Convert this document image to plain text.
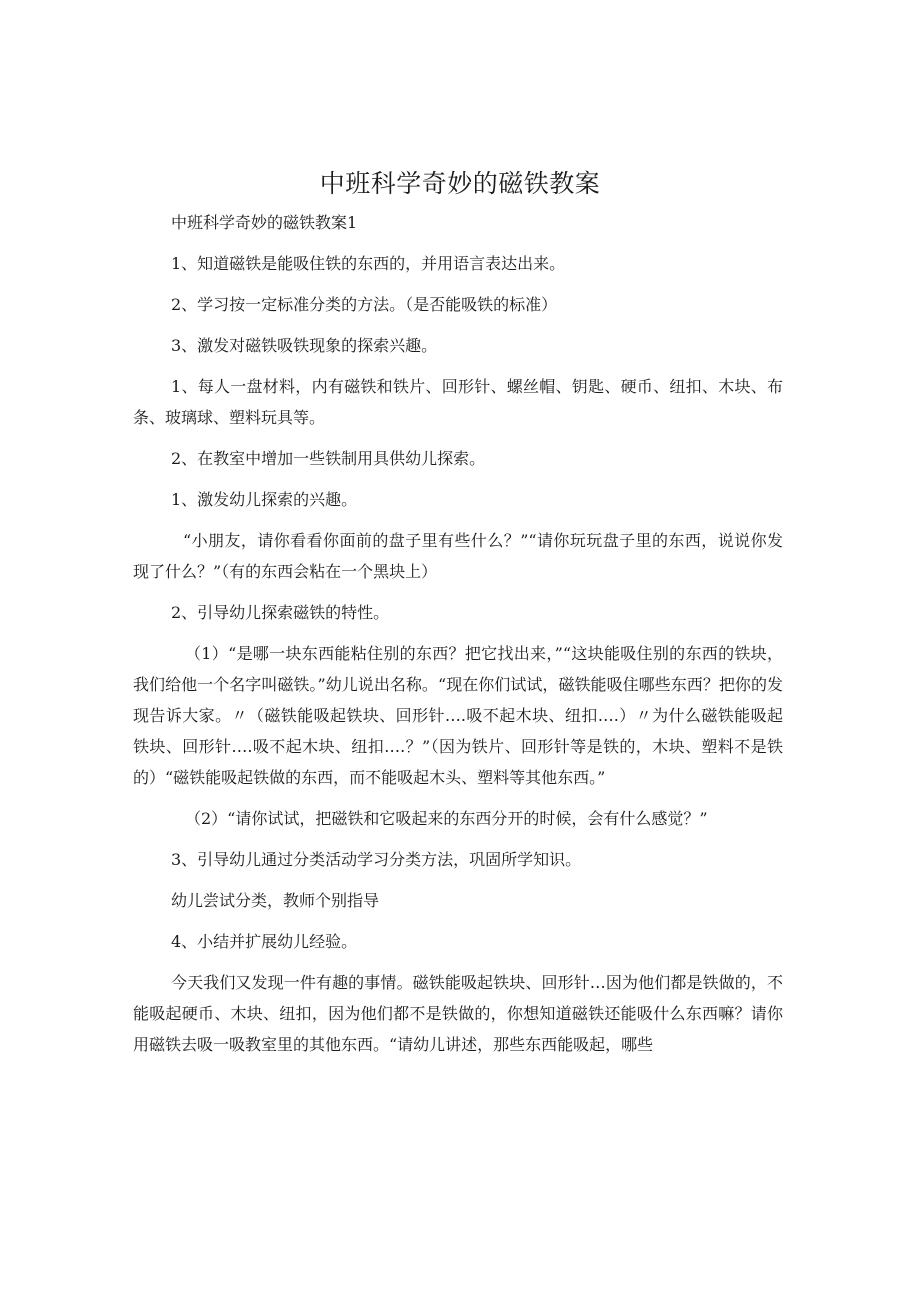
中班科学奇妙的磁铁教案

中班科学奇妙的磁铁教案1

1、知道磁铁是能吸住铁的东西的，并用语言表达出来。

2、学习按一定标准分类的方法。（是否能吸铁的标准）

3、激发对磁铁吸铁现象的探索兴趣。

1、每人一盘材料，内有磁铁和铁片、回形针、螺丝帽、钥匙、硬币、纽扣、木块、布条、玻璃球、塑料玩具等。

2、在教室中增加一些铁制用具供幼儿探索。

1、激发幼儿探索的兴趣。

“小朋友，请你看看你面前的盘子里有些什么？”“请你玩玩盘子里的东西，说说你发现了什么？”（有的东西会粘在一个黑块上）

2、引导幼儿探索磁铁的特性。

（1）“是哪一块东西能粘住别的东西？把它找出来，”“这块能吸住别的东西的铁块，我们给他一个名字叫磁铁。”幼儿说出名称。“现在你们试试，磁铁能吸住哪些东西？把你的发现告诉大家。〃（磁铁能吸起铁块、回形针….吸不起木块、纽扣….）〃为什么磁铁能吸起铁块、回形针….吸不起木块、纽扣….？”（因为铁片、回形针等是铁的，木块、塑料不是铁的）“磁铁能吸起铁做的东西，而不能吸起木头、塑料等其他东西。”

（2）“请你试试，把磁铁和它吸起来的东西分开的时候，会有什么感觉？”

3、引导幼儿通过分类活动学习分类方法，巩固所学知识。

幼儿尝试分类，教师个别指导

4、小结并扩展幼儿经验。

今天我们又发现一件有趣的事情。磁铁能吸起铁块、回形针…因为他们都是铁做的，不能吸起硬币、木块、纽扣，因为他们都不是铁做的，你想知道磁铁还能吸什么东西嘛？请你用磁铁去吸一吸教室里的其他东西。“请幼儿讲述，那些东西能吸起，哪些
